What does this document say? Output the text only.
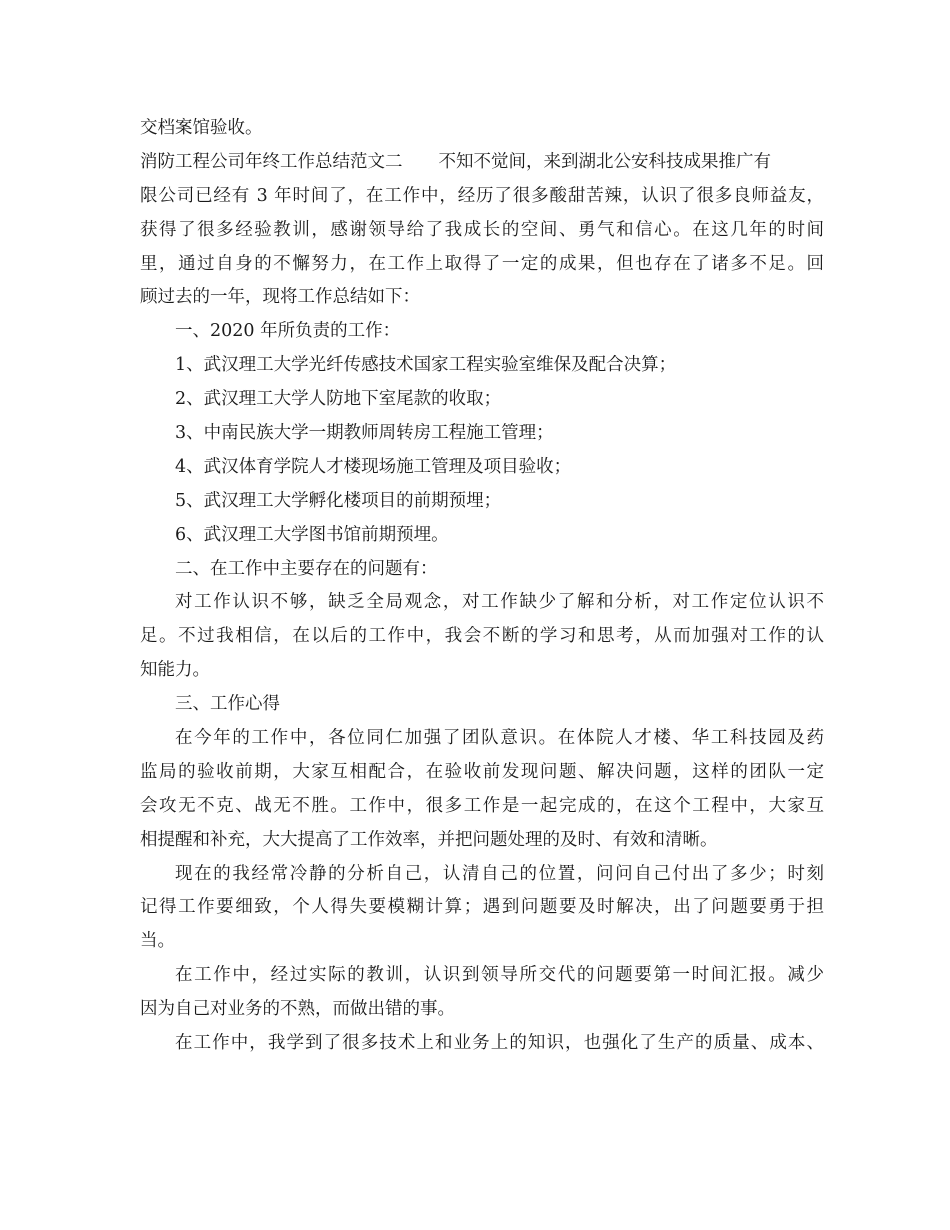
交档案馆验收。
消防工程公司年终工作总结范文二 不知不觉间，来到湖北公安科技成果推广有
限公司已经有 3 年时间了，在工作中，经历了很多酸甜苦辣，认识了很多良师益友，
获得了很多经验教训，感谢领导给了我成长的空间、勇气和信心。在这几年的时间
里，通过自身的不懈努力，在工作上取得了一定的成果，但也存在了诸多不足。回
顾过去的一年，现将工作总结如下：
一、2020 年所负责的工作：
1、武汉理工大学光纤传感技术国家工程实验室维保及配合决算；
2、武汉理工大学人防地下室尾款的收取；
3、中南民族大学一期教师周转房工程施工管理；
4、武汉体育学院人才楼现场施工管理及项目验收；
5、武汉理工大学孵化楼项目的前期预埋；
6、武汉理工大学图书馆前期预埋。
二、在工作中主要存在的问题有：
对工作认识不够，缺乏全局观念，对工作缺少了解和分析，对工作定位认识不
足。不过我相信，在以后的工作中，我会不断的学习和思考，从而加强对工作的认
知能力。
三、工作心得
在今年的工作中，各位同仁加强了团队意识。在体院人才楼、华工科技园及药
监局的验收前期，大家互相配合，在验收前发现问题、解决问题，这样的团队一定
会攻无不克、战无不胜。工作中，很多工作是一起完成的，在这个工程中，大家互
相提醒和补充，大大提高了工作效率，并把问题处理的及时、有效和清晰。
现在的我经常冷静的分析自己，认清自己的位置，问问自己付出了多少；时刻
记得工作要细致，个人得失要模糊计算；遇到问题要及时解决，出了问题要勇于担
当。
在工作中，经过实际的教训，认识到领导所交代的问题要第一时间汇报。减少
因为自己对业务的不熟，而做出错的事。
在工作中，我学到了很多技术上和业务上的知识，也强化了生产的质量、成本、
